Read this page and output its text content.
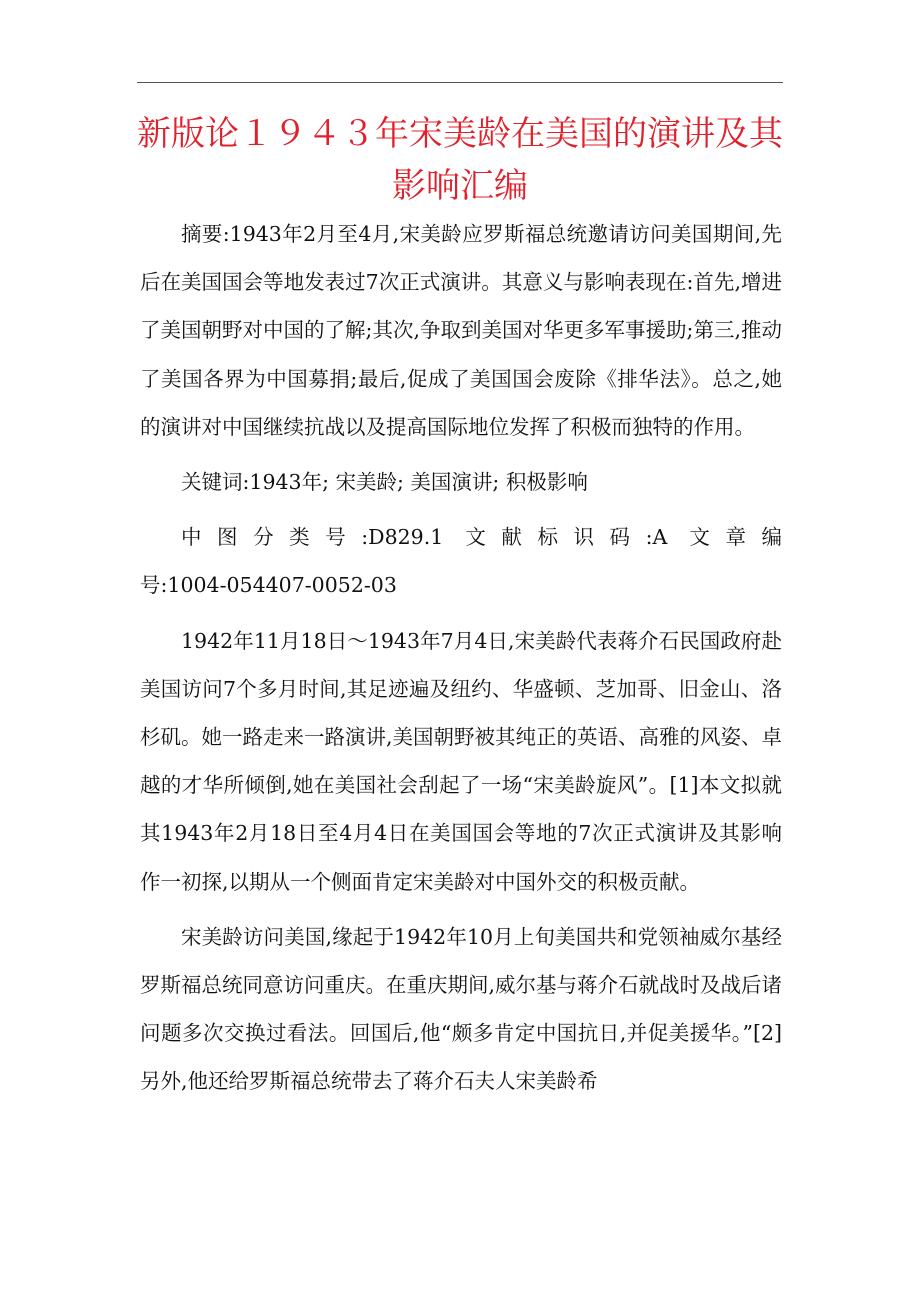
新版论１９４３年宋美龄在美国的演讲及其影响汇编

摘要:1943年2月至4月,宋美龄应罗斯福总统邀请访问美国期间,先后在美国国会等地发表过7次正式演讲。其意义与影响表现在:首先,增进了美国朝野对中国的了解;其次,争取到美国对华更多军事援助;第三,推动了美国各界为中国募捐;最后,促成了美国国会废除《排华法》。总之,她的演讲对中国继续抗战以及提高国际地位发挥了积极而独特的作用。

关键词:1943年; 宋美龄; 美国演讲; 积极影响

中图分类号:D829.1 文献标识码:A 文章编

号:1004-054407-0052-03

1942年11月18日～1943年7月4日,宋美龄代表蒋介石民国政府赴美国访问7个多月时间,其足迹遍及纽约、华盛顿、芝加哥、旧金山、洛杉矶。她一路走来一路演讲,美国朝野被其纯正的英语、高雅的风姿、卓越的才华所倾倒,她在美国社会刮起了一场“宋美龄旋风”。[1]本文拟就其1943年2月18日至4月4日在美国国会等地的7次正式演讲及其影响作一初探,以期从一个侧面肯定宋美龄对中国外交的积极贡献。

宋美龄访问美国,缘起于1942年10月上旬美国共和党领袖威尔基经罗斯福总统同意访问重庆。在重庆期间,威尔基与蒋介石就战时及战后诸问题多次交换过看法。回国后,他“颇多肯定中国抗日,并促美援华。”[2]另外,他还给罗斯福总统带去了蒋介石夫人宋美龄希
